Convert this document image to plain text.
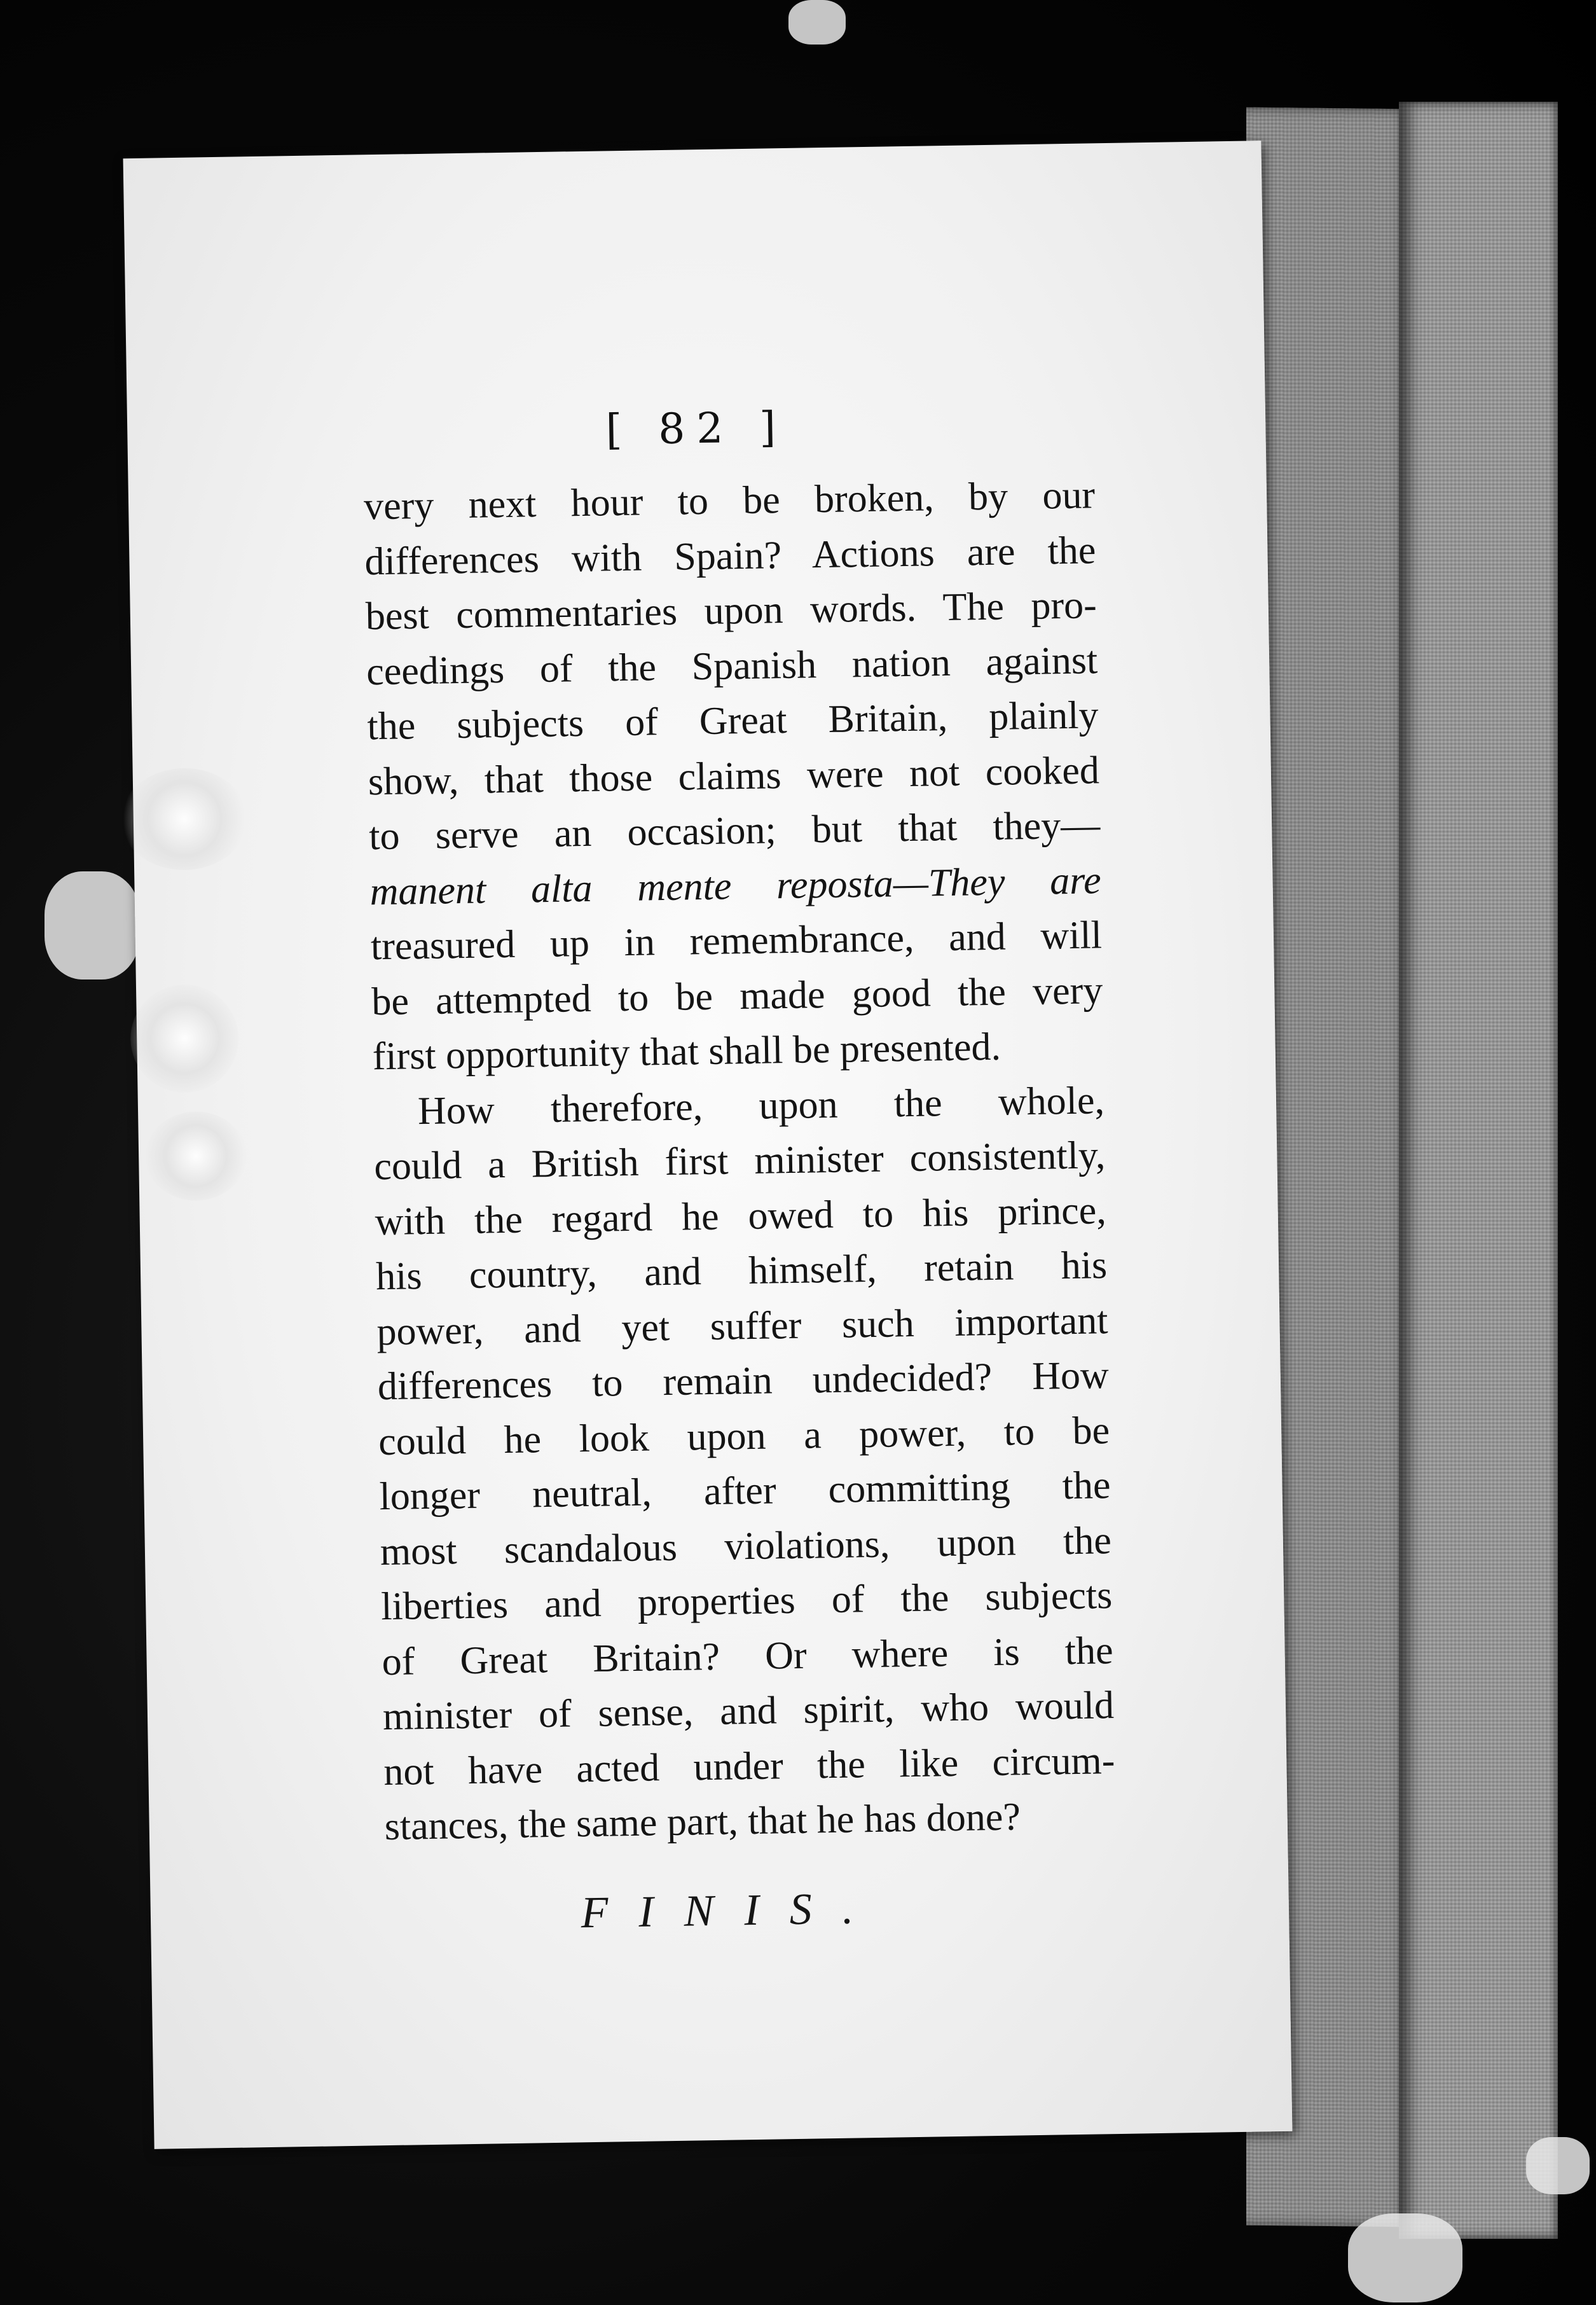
[ 82 ]
very next hour to be broken, by our
differences with Spain? Actions are the
best commentaries upon words. The pro-
ceedings of the Spanish nation against
the subjects of Great Britain, plainly
show, that those claims were not cooked
to serve an occasion; but that they—
manent alta mente reposta—They are
treasured up in remembrance, and will
be attempted to be made good the very
first opportunity that shall be presented.
How therefore, upon the whole,
could a British first minister consistently,
with the regard he owed to his prince,
his country, and himself, retain his
power, and yet suffer such important
differences to remain undecided? How
could he look upon a power, to be
longer neutral, after committing the
most scandalous violations, upon the
liberties and properties of the subjects
of Great Britain? Or where is the
minister of sense, and spirit, who would
not have acted under the like circum-
stances, the same part, that he has done?
FINIS.
